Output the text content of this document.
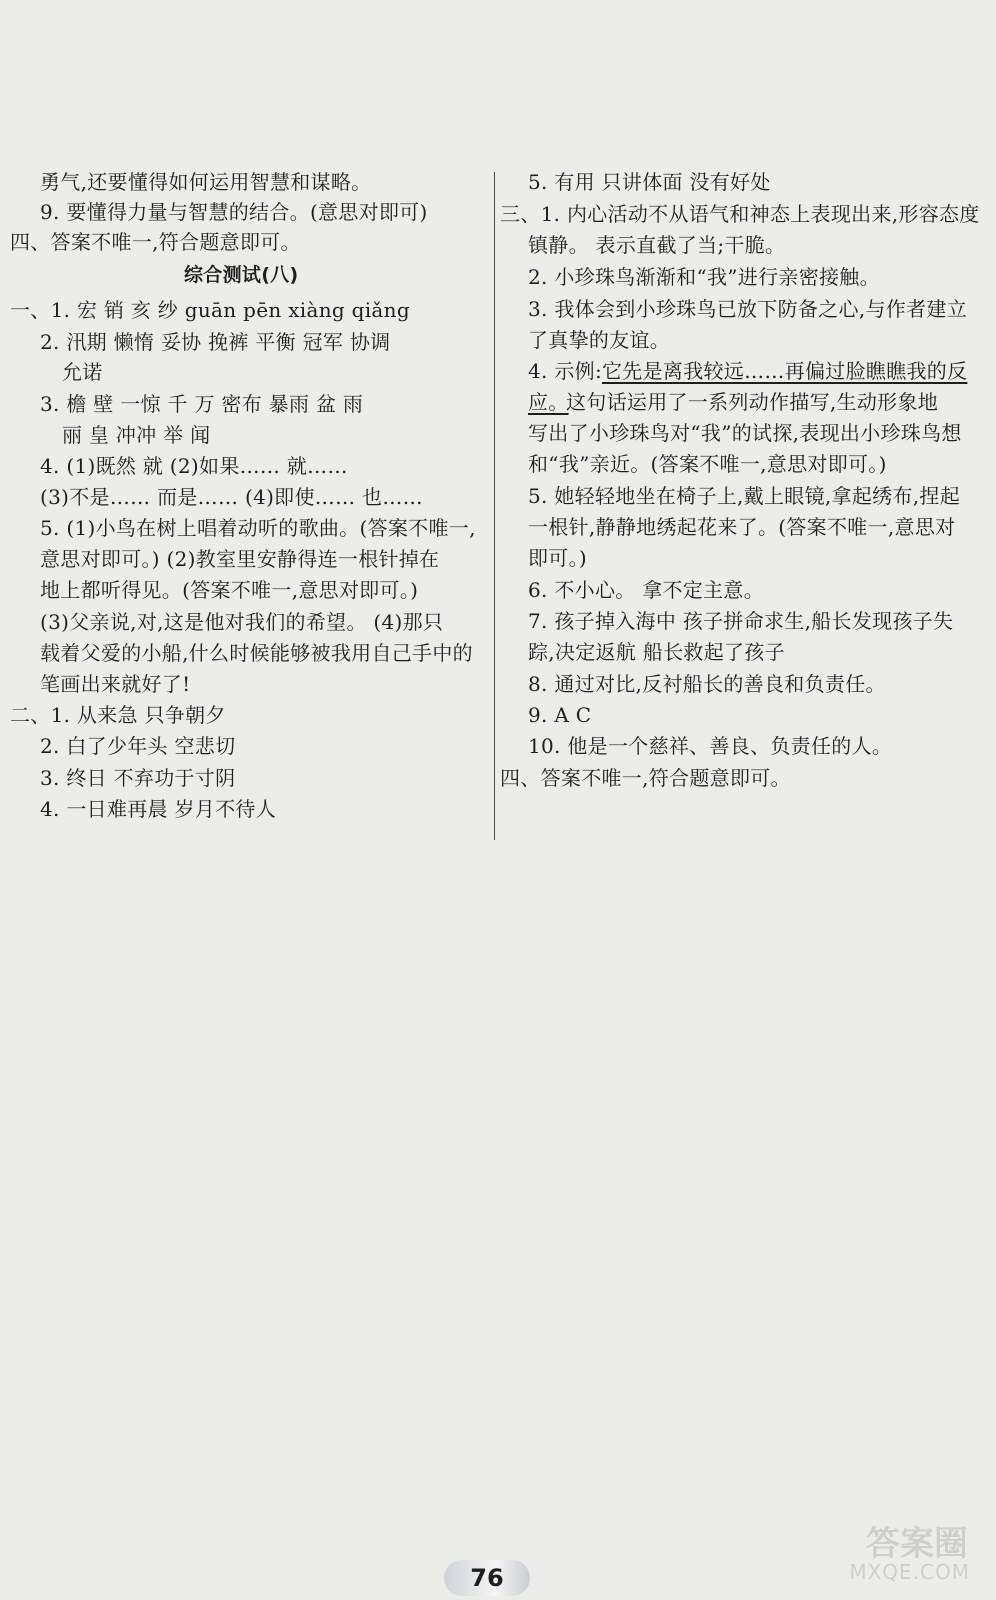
勇气,还要懂得如何运用智慧和谋略。
9. 要懂得力量与智慧的结合。(意思对即可)
四、答案不唯一,符合题意即可。
综合测试(八)
一、1. 宏 销 亥 纱 guān pēn xiàng qiǎng
2. 汛期 懒惰 妥协 挽裤 平衡 冠军 协调
允诺
3. 檐 壁 一惊 千 万 密布 暴雨 盆 雨
丽 皇 冲冲 举 闻
4. (1)既然 就 (2)如果…… 就……
(3)不是…… 而是…… (4)即使…… 也……
5. (1)小鸟在树上唱着动听的歌曲。(答案不唯一,
意思对即可。) (2)教室里安静得连一根针掉在
地上都听得见。(答案不唯一,意思对即可。)
(3)父亲说,对,这是他对我们的希望。 (4)那只
载着父爱的小船,什么时候能够被我用自己手中的
笔画出来就好了!
二、1. 从来急 只争朝夕
2. 白了少年头 空悲切
3. 终日 不弃功于寸阴
4. 一日难再晨 岁月不待人
5. 有用 只讲体面 没有好处
三、1. 内心活动不从语气和神态上表现出来,形容态度
镇静。 表示直截了当;干脆。
2. 小珍珠鸟渐渐和“我”进行亲密接触。
3. 我体会到小珍珠鸟已放下防备之心,与作者建立
了真挚的友谊。
4. 示例: 它先是离我较远……再偏过脸瞧瞧我的反
应。
这句话运用了一系列动作描写,生动形象地
写出了小珍珠鸟对“我”的试探,表现出小珍珠鸟想
和“我”亲近。(答案不唯一,意思对即可。)
5. 她轻轻地坐在椅子上,戴上眼镜,拿起绣布,捏起
一根针,静静地绣起花来了。(答案不唯一,意思对
即可。)
6. 不小心。 拿不定主意。
7. 孩子掉入海中 孩子拼命求生,船长发现孩子失
踪,决定返航 船长救起了孩子
8. 通过对比,反衬船长的善良和负责任。
9. A C
10. 他是一个慈祥、善良、负责任的人。
四、答案不唯一,符合题意即可。
76
答案圈
MXQE.COM
